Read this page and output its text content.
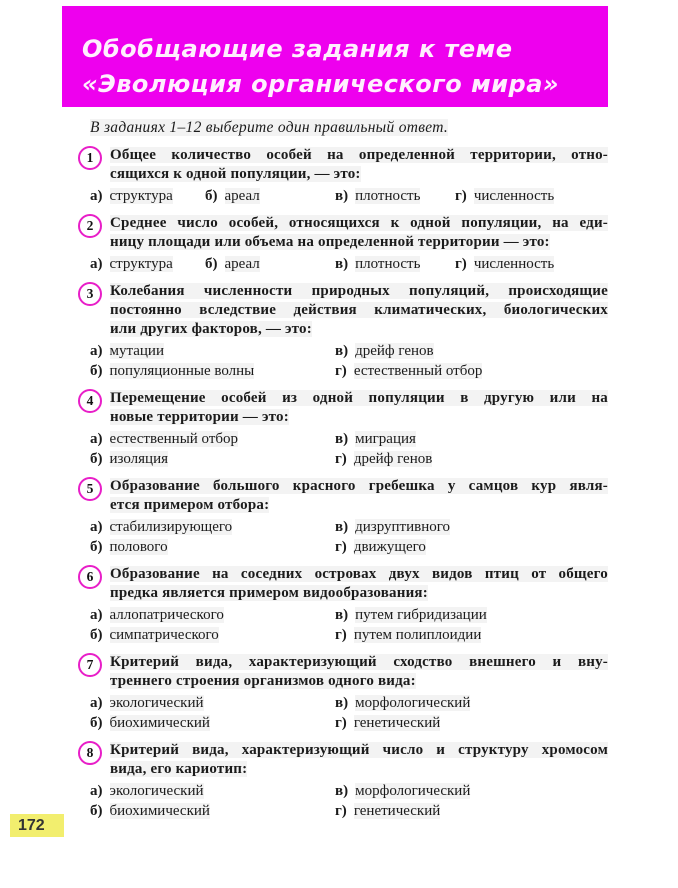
Обобщающие задания к теме
«Эволюция органического мира»
В заданиях 1–12 выберите один правильный ответ.
1	Общее количество особей на определенной территории, отно-
сящихся к одной популяции, — это:
а) структура	б) ареал	в) плотность	г) численность
2	Среднее число особей, относящихся к одной популяции, на еди-
ницу площади или объема на определенной территории — это:
а) структура	б) ареал	в) плотность	г) численность
3	Колебания численности природных популяций, происходящие
постоянно вследствие действия климатических, биологических
или других факторов, — это:
а) мутации	в) дрейф генов
б) популяционные волны	г) естественный отбор
4	Перемещение особей из одной популяции в другую или на
новые территории — это:
а) естественный отбор	в) миграция
б) изоляция	г) дрейф генов
5	Образование большого красного гребешка у самцов кур явля-
ется примером отбора:
а) стабилизирующего	в) дизруптивного
б) полового	г) движущего
6	Образование на соседних островах двух видов птиц от общего
предка является примером видообразования:
а) аллопатрического	в) путем гибридизации
б) симпатрического	г) путем полиплоидии
7	Критерий вида, характеризующий сходство внешнего и вну-
треннего строения организмов одного вида:
а) экологический	в) морфологический
б) биохимический	г) генетический
8	Критерий вида, характеризующий число и структуру хромосом
вида, его кариотип:
а) экологический	в) морфологический
б) биохимический	г) генетический
172
